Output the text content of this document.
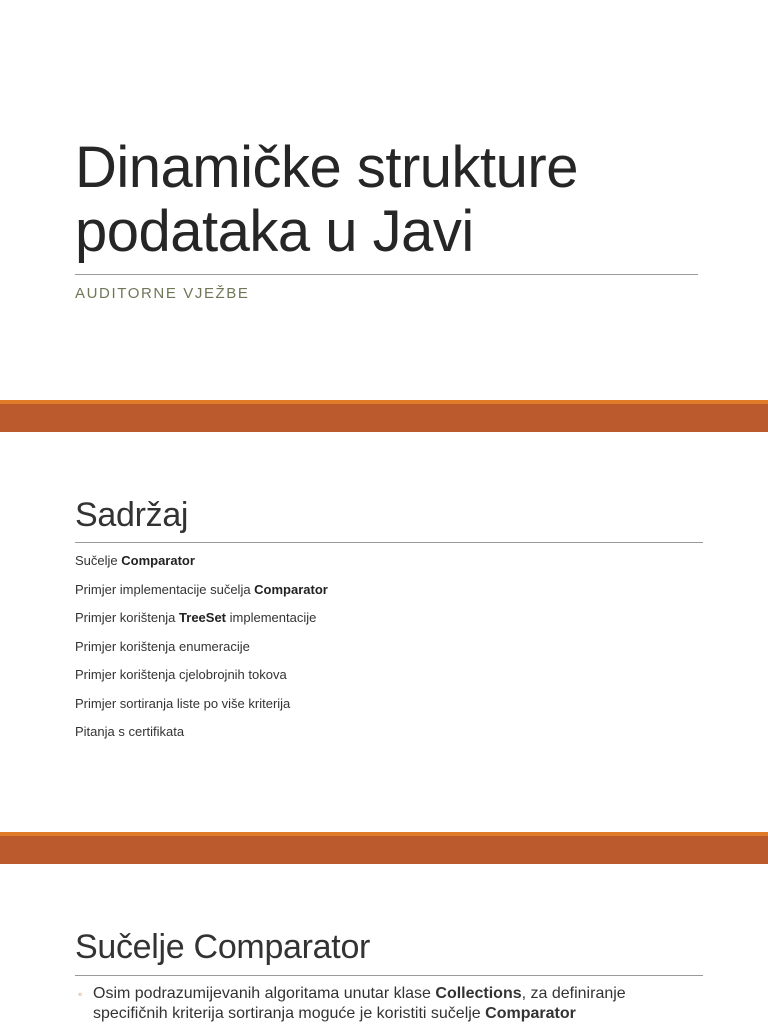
Dinamičke strukture
podataka u Javi
AUDITORNE VJEŽBE
Sadržaj
Sučelje Comparator
Primjer implementacije sučelja Comparator
Primjer korištenja TreeSet implementacije
Primjer korištenja enumeracije
Primjer korištenja cjelobrojnih tokova
Primjer sortiranja liste po više kriterija
Pitanja s certifikata
Sučelje Comparator
◦ Osim podrazumijevanih algoritama unutar klase Collections, za definiranje specifičnih kriterija sortiranja moguće je koristiti sučelje Comparator
